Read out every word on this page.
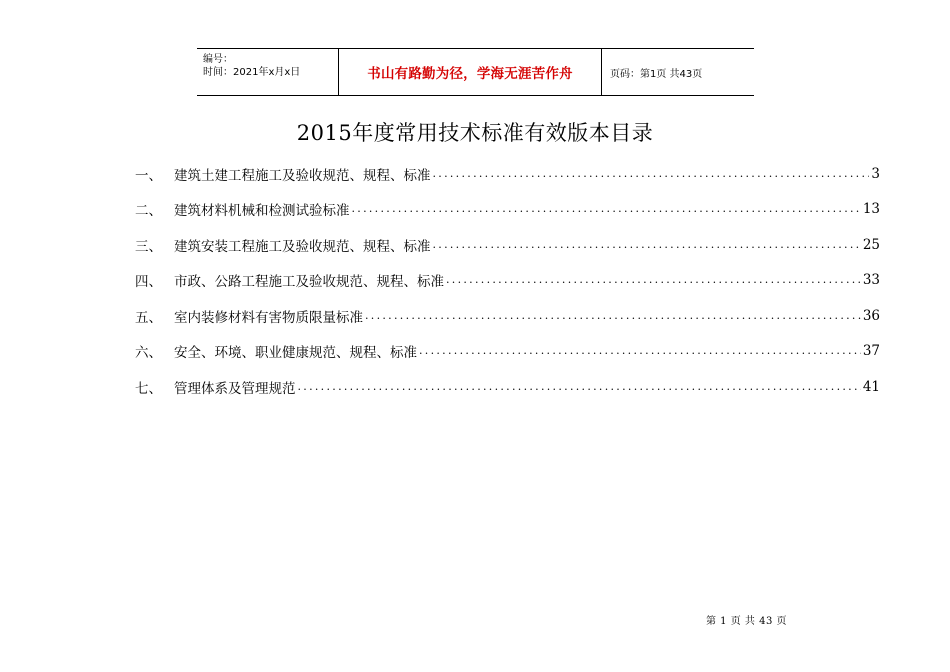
编号：
时间：2021年x月x日	书山有路勤为径，学海无涯苦作舟	页码：第1页 共43页
2015年度常用技术标准有效版本目录
一、 建筑土建工程施工及验收规范、规程、标准 .....	3
二、 建筑材料机械和检测试验标准 .....	13
三、 建筑安装工程施工及验收规范、规程、标准 .....	25
四、 市政、公路工程施工及验收规范、规程、标准 .....	33
五、 室内装修材料有害物质限量标准 .....	36
六、 安全、环境、职业健康规范、规程、标准 .....	37
七、 管理体系及管理规范 .....	41
第 1 页 共 43 页
